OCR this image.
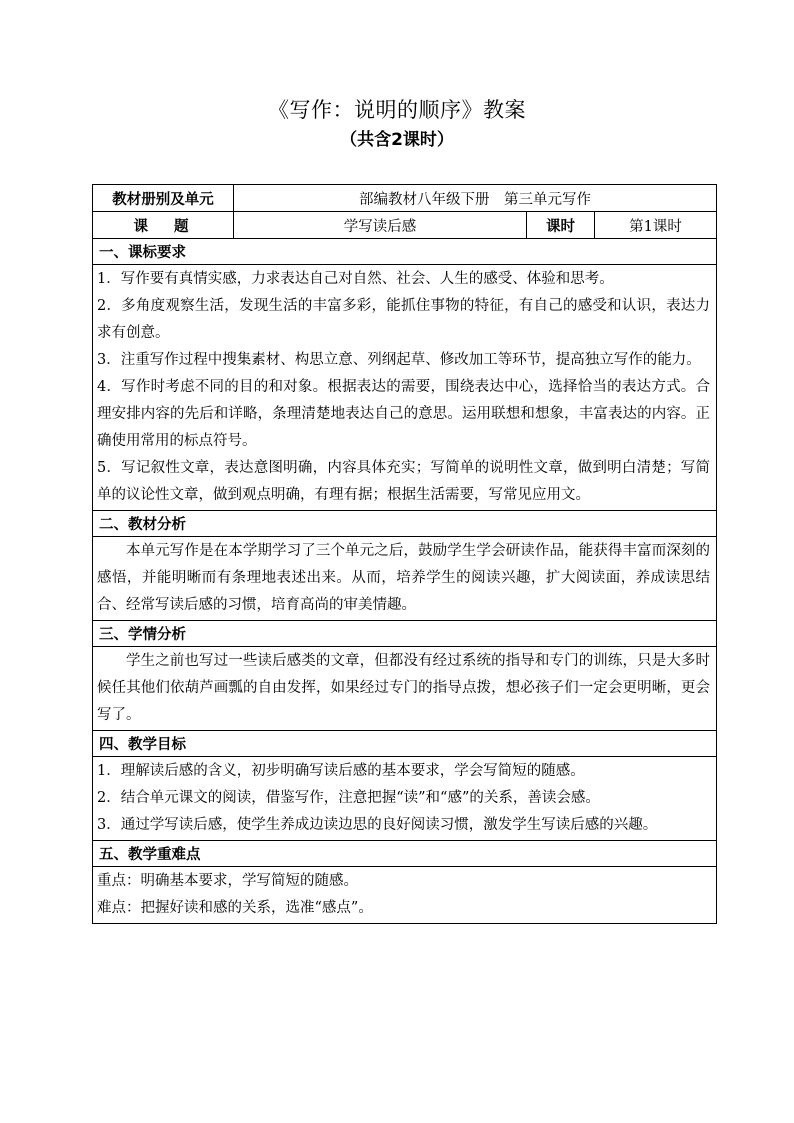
《写作：说明的顺序》教案
（共含2课时）
教材册别及单元	部编教材八年级下册　第三单元写作		
课题	学写读后感	课时	第1课时
一、课标要求			

1．写作要有真情实感，力求表达自己对自然、社会、人生的感受、体验和思考。

2．多角度观察生活，发现生活的丰富多彩，能抓住事物的特征，有自己的感受和认识，表达力求有创意。

3．注重写作过程中搜集素材、构思立意、列纲起草、修改加工等环节，提高独立写作的能力。

4．写作时考虑不同的目的和对象。根据表达的需要，围绕表达中心，选择恰当的表达方式。合理安排内容的先后和详略，条理清楚地表达自己的意思。运用联想和想象，丰富表达的内容。正确使用常用的标点符号。

5．写记叙性文章，表达意图明确，内容具体充实；写简单的说明性文章，做到明白清楚；写简单的议论性文章，做到观点明确，有理有据；根据生活需要，写常见应用文。			

二、教材分析			

本单元写作是在本学期学习了三个单元之后，鼓励学生学会研读作品，能获得丰富而深刻的感悟，并能明晰而有条理地表述出来。从而，培养学生的阅读兴趣，扩大阅读面，养成读思结合、经常写读后感的习惯，培育高尚的审美情趣。			

三、学情分析			

学生之前也写过一些读后感类的文章，但都没有经过系统的指导和专门的训练，只是大多时候任其他们依葫芦画瓢的自由发挥，如果经过专门的指导点拨，想必孩子们一定会更明晰，更会写了。			

四、教学目标			

1．理解读后感的含义，初步明确写读后感的基本要求，学会写简短的随感。

2．结合单元课文的阅读，借鉴写作，注意把握“读”和“感”的关系，善读会感。

3．通过学写读后感，使学生养成边读边思的良好阅读习惯，激发学生写读后感的兴趣。			

五、教学重难点			

重点：明确基本要求，学写简短的随感。

难点：把握好读和感的关系，选准“感点”。			
